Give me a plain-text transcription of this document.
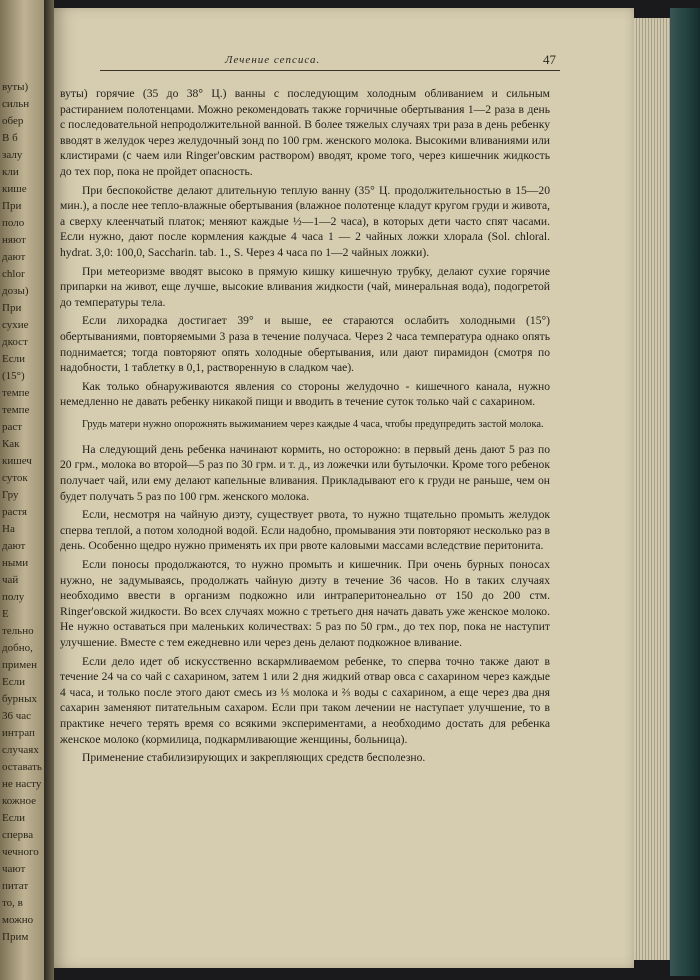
вуты)
сильн
обер
В б
залу
кли
кише
При
поло
няют
дают
chlor
дозы)
При
сухие
дкост
Если
(15°)
темпе
темпе
раст
Как
кишеч
суток
Гру
растя
На
дают
ными
чай
полу
Е
тельно
добно,
примен
Если
бурных
36 час
интрап
случаях
оставать
не насту
кожное
Если
сперва
чечного
чают
питат
то, в
можно
Прим
Лечение сепсиса.	47

вуты) горячие (35 до 38° Ц.) ванны с последующим холодным обливанием и сильным растиранием полотенцами. Можно рекомендовать также горчичные обертывания 1—2 раза в день с последовательной непродолжительной ванной. В более тяжелых случаях три раза в день ребенку вводят в желудок через желудочный зонд по 100 грм. женского молока. Высокими вливаниями или клистирами (с чаем или Ringer'овским раствором) вводят, кроме того, через кишечник жидкость до тех пор, пока не пройдет опасность.

При беспокойстве делают длительную теплую ванну (35° Ц. продолжительностью в 15—20 мин.), а после нее тепло-влажные обертывания (влажное полотенце кладут кругом груди и живота, а сверху клеенчатый платок; меняют каждые ½—1—2 часа), в которых дети часто спят часами. Если нужно, дают после кормления каждые 4 часа 1 — 2 чайных ложки хлорала (Sol. chloral. hydrat. 3,0: 100,0, Saccharin. tab. 1., S. Через 4 часа по 1—2 чайных ложки).

При метеоризме вводят высоко в прямую кишку кишечную трубку, делают сухие горячие припарки на живот, еще лучше, высокие вливания жидкости (чай, минеральная вода), подогретой до температуры тела.

Если лихорадка достигает 39° и выше, ее стараются ослабить холодными (15°) обертываниями, повторяемыми 3 раза в течение получаса. Через 2 часа температура однако опять поднимается; тогда повторяют опять холодные обертывания, или дают пирамидон (смотря по надобности, 1 таблетку в 0,1, растворенную в сладком чае).

Как только обнаруживаются явления со стороны желудочно - кишечного канала, нужно немедленно не давать ребенку никакой пищи и вводить в течение суток только чай с сахарином.

Грудь матери нужно опорожнять выжиманием через каждые 4 часа, чтобы предупредить застой молока.

На следующий день ребенка начинают кормить, но осторожно: в первый день дают 5 раз по 20 грм., молока во второй—5 раз по 30 грм. и т. д., из ложечки или бутылочки. Кроме того ребенок получает чай, или ему делают капельные вливания. Прикладывают его к груди не раньше, чем он будет получать 5 раз по 100 грм. женского молока.

Если, несмотря на чайную диэту, существует рвота, то нужно тщательно промыть желудок сперва теплой, а потом холодной водой. Если надобно, промывания эти повторяют несколько раз в день. Особенно щедро нужно применять их при рвоте каловыми массами вследствие перитонита.

Если поносы продолжаются, то нужно промыть и кишечник. При очень бурных поносах нужно, не задумываясь, продолжать чайную диэту в течение 36 часов. Но в таких случаях необходимо ввести в организм подкожно или интраперитонеально от 150 до 200 стм. Ringer'овской жидкости. Во всех случаях можно с третьего дня начать давать уже женское молоко. Не нужно оставаться при маленьких количествах: 5 раз по 50 грм., до тех пор, пока не наступит улучшение. Вместе с тем ежедневно или через день делают подкожное вливание.

Если дело идет об искусственно вскармливаемом ребенке, то сперва точно также дают в течение 24 ча со чай с сахарином, затем 1 или 2 дня жидкий отвар овса с сахарином через каждые 4 часа, и только после этого дают смесь из ⅓ молока и ⅔ воды с сахарином, а еще через два дня сахарин заменяют питательным сахаром. Если при таком лечении не наступает улучшение, то в практике нечего терять время со всякими экспериментами, а необходимо достать для ребенка женское молоко (кормилица, подкармливающие женщины, больница).

Применение стабилизирующих и закрепляющих средств бесполезно.
